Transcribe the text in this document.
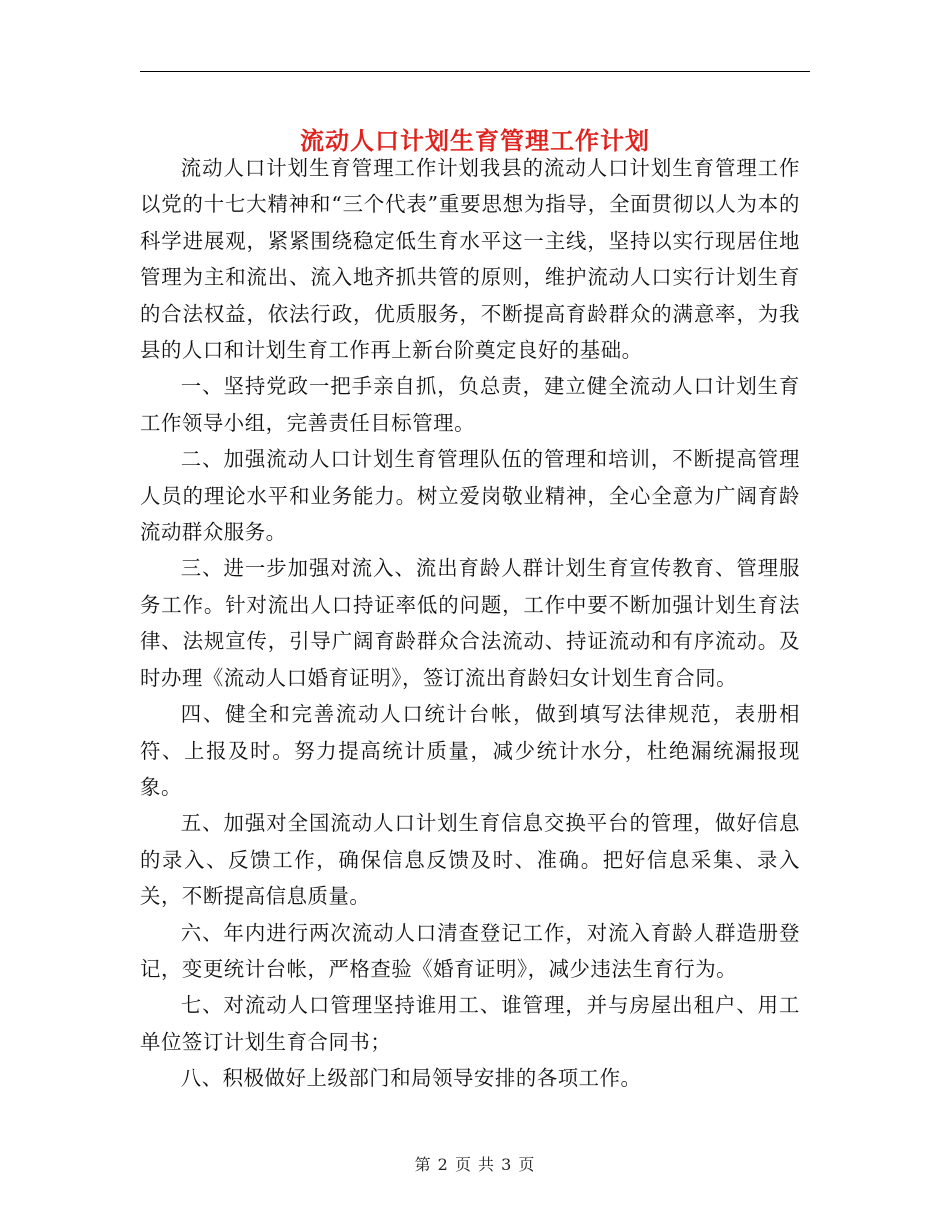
流动人口计划生育管理工作计划

流动人口计划生育管理工作计划我县的流动人口计划生育管理工作以党的十七大精神和“三个代表”重要思想为指导，全面贯彻以人为本的科学进展观，紧紧围绕稳定低生育水平这一主线，坚持以实行现居住地管理为主和流出、流入地齐抓共管的原则，维护流动人口实行计划生育的合法权益，依法行政，优质服务，不断提高育龄群众的满意率，为我县的人口和计划生育工作再上新台阶奠定良好的基础。

一、坚持党政一把手亲自抓，负总责，建立健全流动人口计划生育工作领导小组，完善责任目标管理。

二、加强流动人口计划生育管理队伍的管理和培训，不断提高管理人员的理论水平和业务能力。树立爱岗敬业精神，全心全意为广阔育龄流动群众服务。

三、进一步加强对流入、流出育龄人群计划生育宣传教育、管理服务工作。针对流出人口持证率低的问题，工作中要不断加强计划生育法律、法规宣传，引导广阔育龄群众合法流动、持证流动和有序流动。及时办理《流动人口婚育证明》，签订流出育龄妇女计划生育合同。

四、健全和完善流动人口统计台帐，做到填写法律规范，表册相符、上报及时。努力提高统计质量，减少统计水分，杜绝漏统漏报现象。

五、加强对全国流动人口计划生育信息交换平台的管理，做好信息的录入、反馈工作，确保信息反馈及时、准确。把好信息采集、录入关，不断提高信息质量。

六、年内进行两次流动人口清查登记工作，对流入育龄人群造册登记，变更统计台帐，严格查验《婚育证明》，减少违法生育行为。

七、对流动人口管理坚持谁用工、谁管理，并与房屋出租户、用工单位签订计划生育合同书；

八、积极做好上级部门和局领导安排的各项工作。

第 2 页 共 3 页
